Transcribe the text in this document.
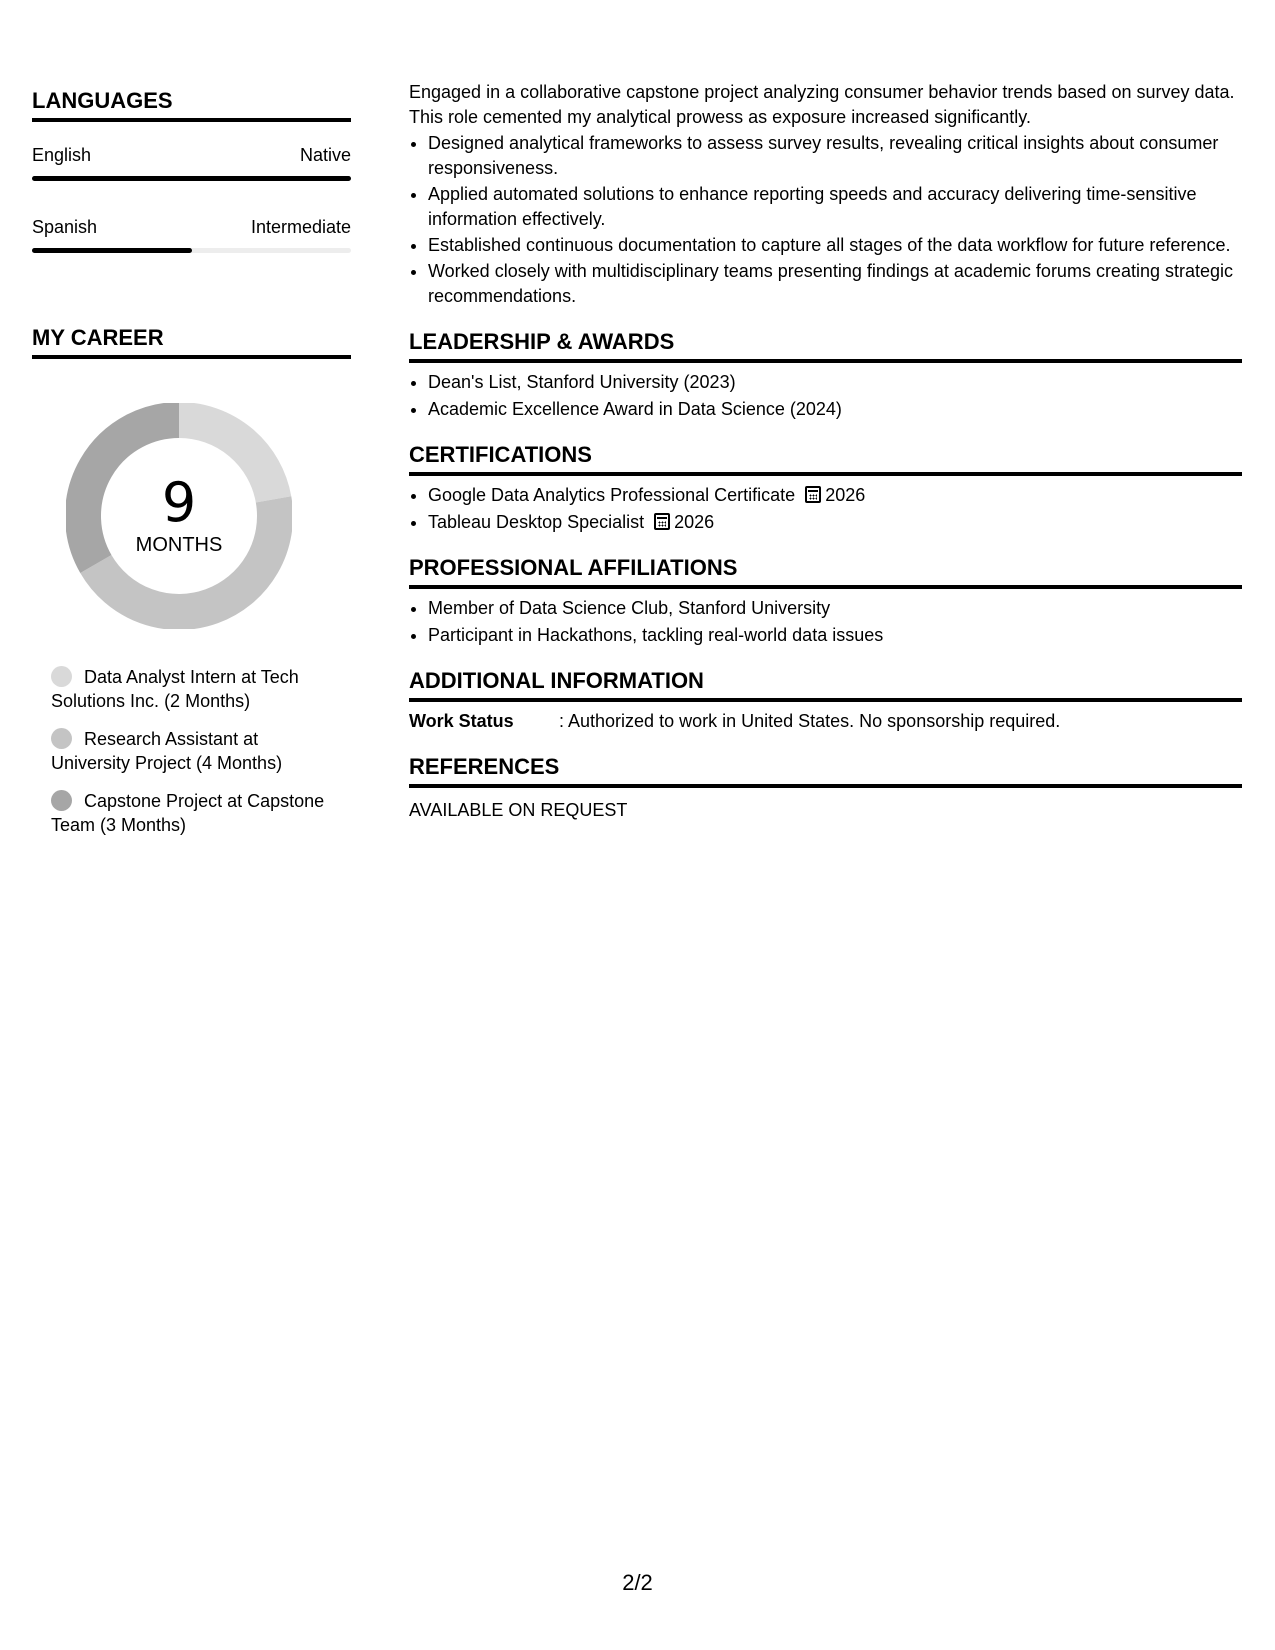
LANGUAGES
English	Native
Spanish	Intermediate
MY CAREER
9
MONTHS
Data Analyst Intern at Tech Solutions Inc. (2 Months)
Research Assistant at University Project (4 Months)
Capstone Project at Capstone Team (3 Months)

Engaged in a collaborative capstone project analyzing consumer behavior trends based on survey data. This role cemented my analytical prowess as exposure increased significantly.

• Designed analytical frameworks to assess survey results, revealing critical insights about consumer responsiveness.
• Applied automated solutions to enhance reporting speeds and accuracy delivering time-sensitive information effectively.
• Established continuous documentation to capture all stages of the data workflow for future reference.
• Worked closely with multidisciplinary teams presenting findings at academic forums creating strategic recommendations.
LEADERSHIP & AWARDS
• Dean's List, Stanford University (2023)
• Academic Excellence Award in Data Science (2024)
CERTIFICATIONS
• Google Data Analytics Professional Certificate 2026
• Tableau Desktop Specialist 2026
PROFESSIONAL AFFILIATIONS
• Member of Data Science Club, Stanford University
• Participant in Hackathons, tackling real-world data issues
ADDITIONAL INFORMATION
Work Status	: Authorized to work in United States. No sponsorship required.
REFERENCES
AVAILABLE ON REQUEST
2/2
